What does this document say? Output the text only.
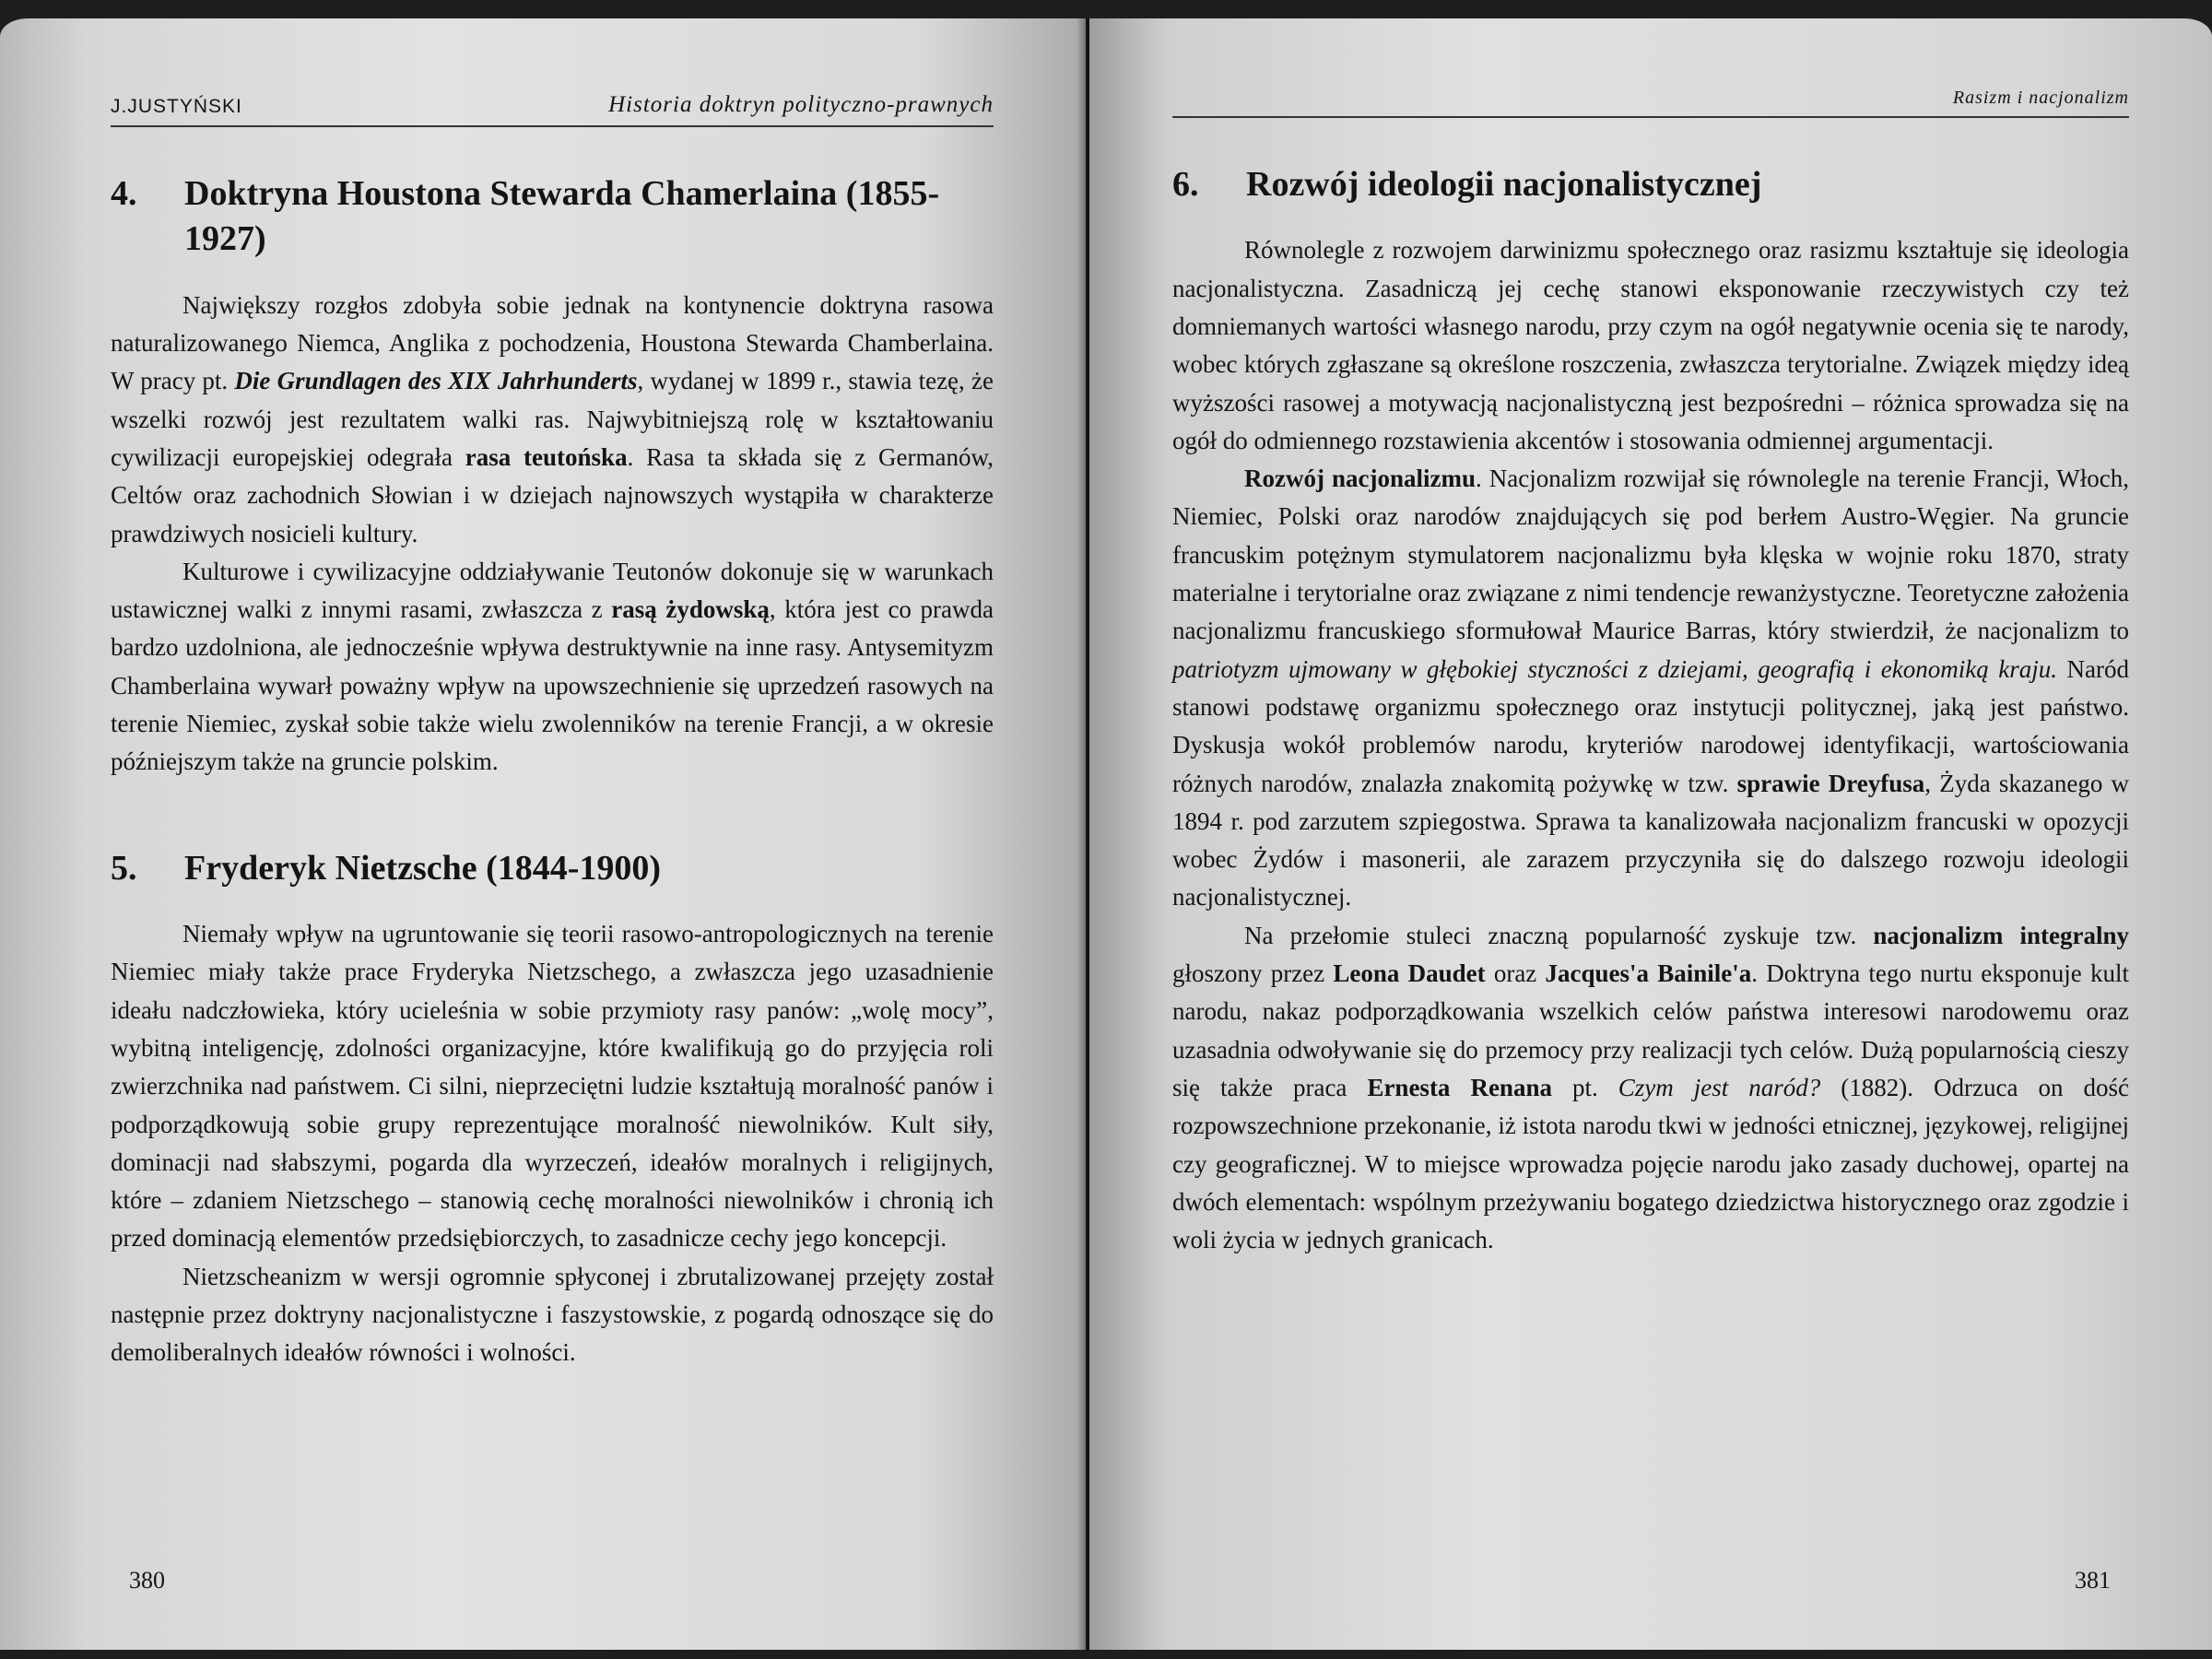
J.JUSTYŃSKI	Historia doktryn polityczno-prawnych
4.	Doktryna Houstona Stewarda Chamerlaina (1855-1927)

Największy rozgłos zdobyła sobie jednak na kontynencie doktryna rasowa naturalizowanego Niemca, Anglika z pochodzenia, Houstona Stewarda Chamberlaina. W pracy pt. Die Grundlagen des XIX Jahrhunderts, wydanej w 1899 r., stawia tezę, że wszelki rozwój jest rezultatem walki ras. Najwybitniejszą rolę w kształtowaniu cywilizacji europejskiej odegrała rasa teutońska. Rasa ta składa się z Germanów, Celtów oraz zachodnich Słowian i w dziejach najnowszych wystąpiła w charakterze prawdziwych nosicieli kultury.

Kulturowe i cywilizacyjne oddziaływanie Teutonów dokonuje się w warunkach ustawicznej walki z innymi rasami, zwłaszcza z rasą żydowską, która jest co prawda bardzo uzdolniona, ale jednocześnie wpływa destruktywnie na inne rasy. Antysemityzm Chamberlaina wywarł poważny wpływ na upowszechnienie się uprzedzeń rasowych na terenie Niemiec, zyskał sobie także wielu zwolenników na terenie Francji, a w okresie późniejszym także na gruncie polskim.

5.	Fryderyk Nietzsche (1844-1900)

Niemały wpływ na ugruntowanie się teorii rasowo-antropologicznych na terenie Niemiec miały także prace Fryderyka Nietzschego, a zwłaszcza jego uzasadnienie ideału nadczłowieka, który ucieleśnia w sobie przymioty rasy panów: „wolę mocy”, wybitną inteligencję, zdolności organizacyjne, które kwalifikują go do przyjęcia roli zwierzchnika nad państwem. Ci silni, nieprzeciętni ludzie kształtują moralność panów i podporządkowują sobie grupy reprezentujące moralność niewolników. Kult siły, dominacji nad słabszymi, pogarda dla wyrzeczeń, ideałów moralnych i religijnych, które – zdaniem Nietzschego – stanowią cechę moralności niewolników i chronią ich przed dominacją elementów przedsiębiorczych, to zasadnicze cechy jego koncepcji.

Nietzscheanizm w wersji ogromnie spłyconej i zbrutalizowanej przejęty został następnie przez doktryny nacjonalistyczne i faszystowskie, z pogardą odnoszące się do demoliberalnych ideałów równości i wolności.

380
Rasizm i nacjonalizm
6.	Rozwój ideologii nacjonalistycznej

Równolegle z rozwojem darwinizmu społecznego oraz rasizmu kształtuje się ideologia nacjonalistyczna. Zasadniczą jej cechę stanowi eksponowanie rzeczywistych czy też domniemanych wartości własnego narodu, przy czym na ogół negatywnie ocenia się te narody, wobec których zgłaszane są określone roszczenia, zwłaszcza terytorialne. Związek między ideą wyższości rasowej a motywacją nacjonalistyczną jest bezpośredni – różnica sprowadza się na ogół do odmiennego rozstawienia akcentów i stosowania odmiennej argumentacji.

Rozwój nacjonalizmu. Nacjonalizm rozwijał się równolegle na terenie Francji, Włoch, Niemiec, Polski oraz narodów znajdujących się pod berłem Austro-Węgier. Na gruncie francuskim potężnym stymulatorem nacjonalizmu była klęska w wojnie roku 1870, straty materialne i terytorialne oraz związane z nimi tendencje rewanżystyczne. Teoretyczne założenia nacjonalizmu francuskiego sformułował Maurice Barras, który stwierdził, że nacjonalizm to patriotyzm ujmowany w głębokiej styczności z dziejami, geografią i ekonomiką kraju. Naród stanowi podstawę organizmu społecznego oraz instytucji politycznej, jaką jest państwo. Dyskusja wokół problemów narodu, kryteriów narodowej identyfikacji, wartościowania różnych narodów, znalazła znakomitą pożywkę w tzw. sprawie Dreyfusa, Żyda skazanego w 1894 r. pod zarzutem szpiegostwa. Sprawa ta kanalizowała nacjonalizm francuski w opozycji wobec Żydów i masonerii, ale zarazem przyczyniła się do dalszego rozwoju ideologii nacjonalistycznej.

Na przełomie stuleci znaczną popularność zyskuje tzw. nacjonalizm integralny głoszony przez Leona Daudet oraz Jacques'a Bainile'a. Doktryna tego nurtu eksponuje kult narodu, nakaz podporządkowania wszelkich celów państwa interesowi narodowemu oraz uzasadnia odwoływanie się do przemocy przy realizacji tych celów. Dużą popularnością cieszy się także praca Ernesta Renana pt. Czym jest naród? (1882). Odrzuca on dość rozpowszechnione przekonanie, iż istota narodu tkwi w jedności etnicznej, językowej, religijnej czy geograficznej. W to miejsce wprowadza pojęcie narodu jako zasady duchowej, opartej na dwóch elementach: wspólnym przeżywaniu bogatego dziedzictwa historycznego oraz zgodzie i woli życia w jednych granicach.

381
